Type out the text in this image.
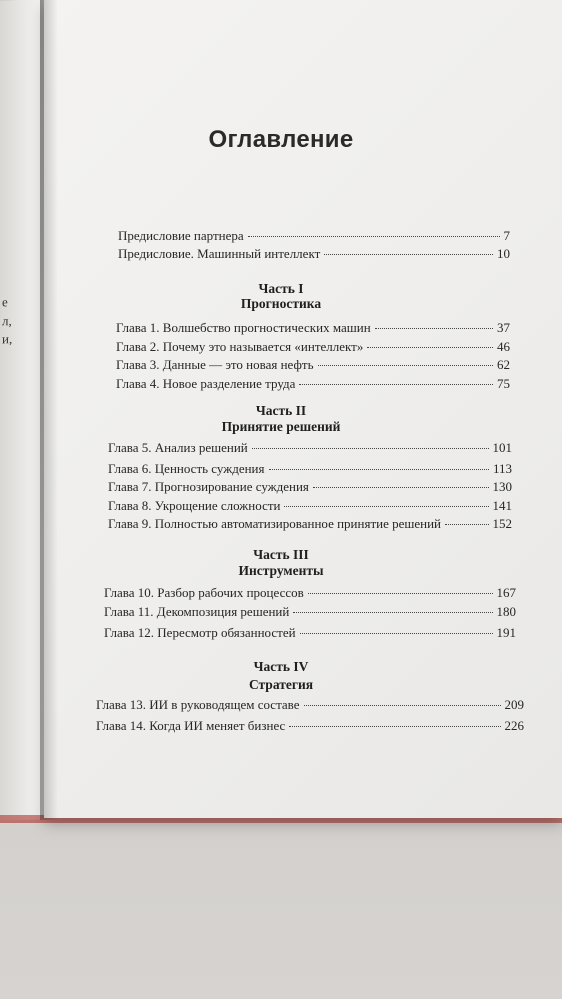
е
л,
и,
Оглавление
Предисловие партнера	7
Предисловие. Машинный интеллект	10
Часть I
Прогностика
Глава 1. Волшебство прогностических машин	37
Глава 2. Почему это называется «интеллект»	46
Глава 3. Данные — это новая нефть	62
Глава 4. Новое разделение труда	75
Часть II
Принятие решений
Глава 5. Анализ решений	101
Глава 6. Ценность суждения	113
Глава 7. Прогнозирование суждения	130
Глава 8. Укрощение сложности	141
Глава 9. Полностью автоматизированное принятие решений	152
Часть III
Инструменты
Глава 10. Разбор рабочих процессов	167
Глава 11. Декомпозиция решений	180
Глава 12. Пересмотр обязанностей	191
Часть IV
Стратегия
Глава 13. ИИ в руководящем составе	209
Глава 14. Когда ИИ меняет бизнес	226
